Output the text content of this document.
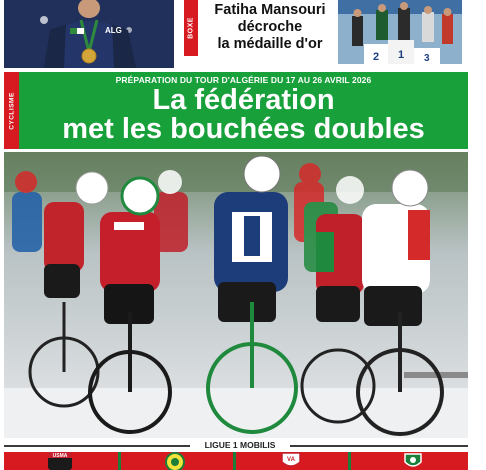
ALG	BOXE
Fatiha Mansouri
décroche
la médaille d'or
2 1 3
CYCLISME
PRÉPARATION DU TOUR D'ALGÉRIE DU 17 AU 26 AVRIL 2026
La fédération
met les bouchées doubles
LIGUE 1 MOBILIS
USMA
VA
